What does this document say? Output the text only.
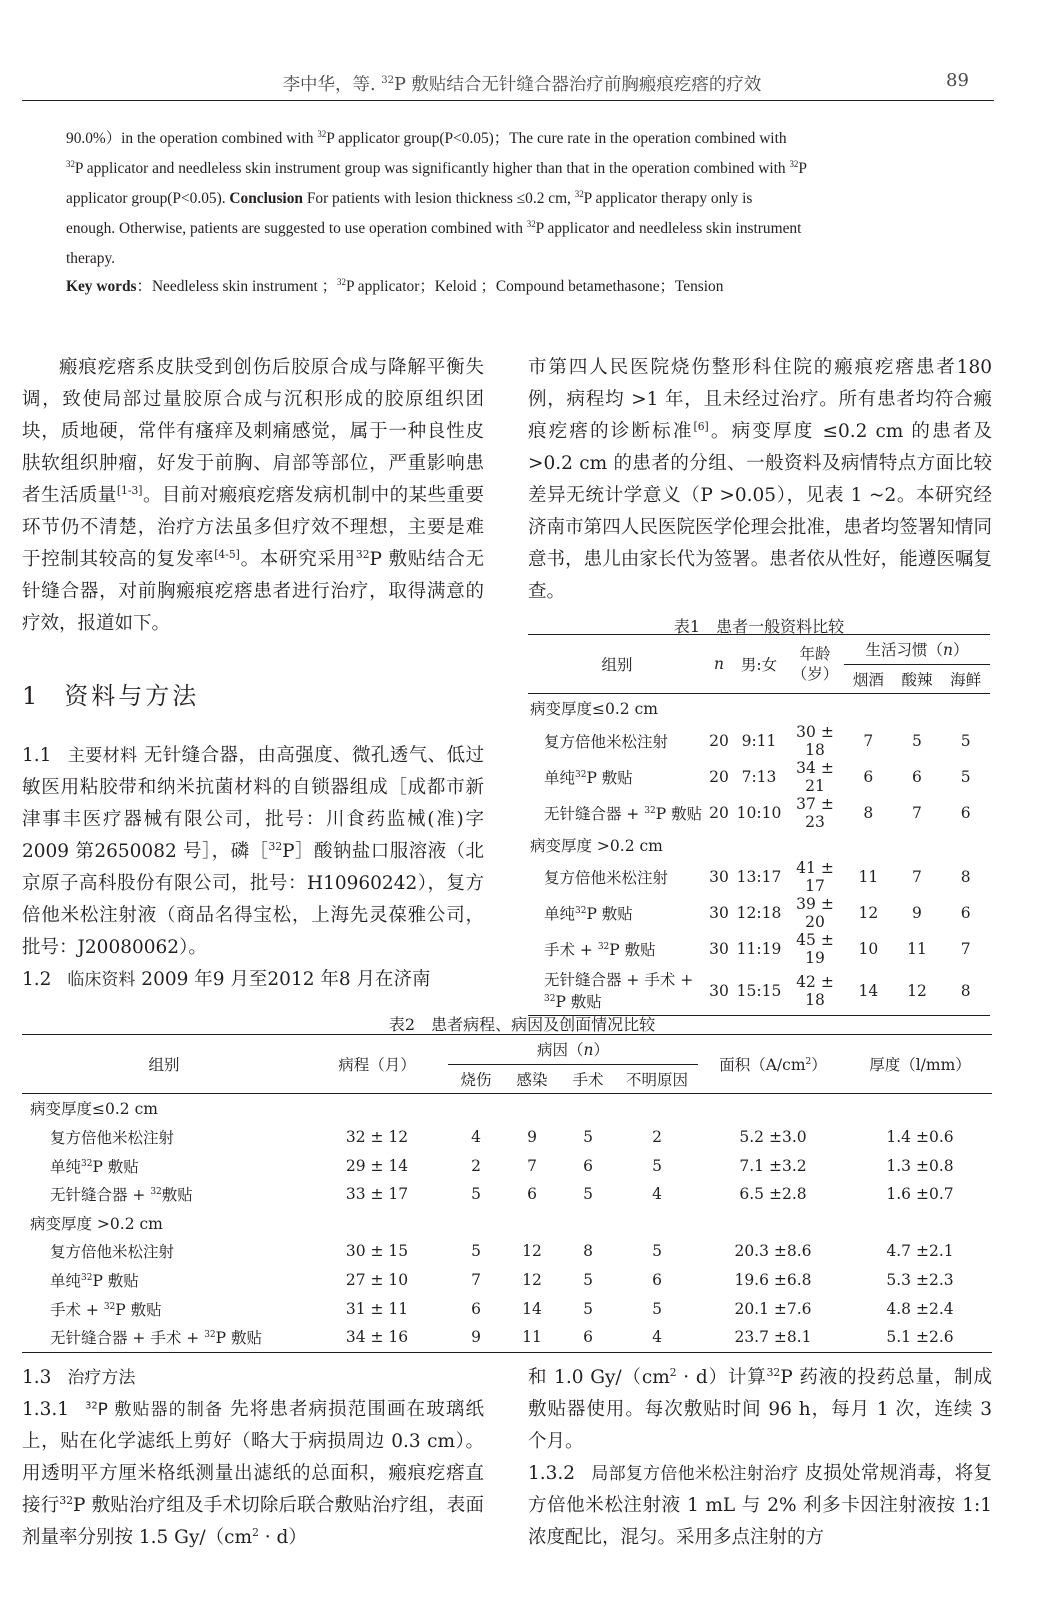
李中华，等. $^{32}$P 敷贴结合无针缝合器治疗前胸瘢痕疙瘩的疗效	89
90.0%）in the operation combined with $^{32}$P applicator group(P<0.05)；The cure rate in the operation combined with
$^{32}$P applicator and needleless skin instrument group was significantly higher than that in the operation combined with $^{32}$P
applicator group(P<0.05). Conclusion For patients with lesion thickness ≤0.2 cm, $^{32}$P applicator therapy only is
enough. Otherwise, patients are suggested to use operation combined with $^{32}$P applicator and needleless skin instrument
therapy.
Key words：Needleless skin instrument ；$^{32}$P applicator；Keloid ；Compound betamethasone；Tension

瘢痕疙瘩系皮肤受到创伤后胶原合成与降解平衡失调，致使局部过量胶原合成与沉积形成的胶原组织团块，质地硬，常伴有瘙痒及刺痛感觉，属于一种良性皮肤软组织肿瘤，好发于前胸、肩部等部位，严重影响患者生活质量[1-3]。目前对瘢痕疙瘩发病机制中的某些重要环节仍不清楚，治疗方法虽多但疗效不理想，主要是难于控制其较高的复发率[4-5]。本研究采用$^{32}$P 敷贴结合无针缝合器，对前胸瘢痕疙瘩患者进行治疗，取得满意的疗效，报道如下。

1 资料与方法

1.1 主要材料 无针缝合器，由高强度、微孔透气、低过敏医用粘胶带和纳米抗菌材料的自锁器组成［成都市新津事丰医疗器械有限公司，批号：川食药监械(准)字2009 第2650082 号］，磷［$^{32}$P］酸钠盐口服溶液（北京原子高科股份有限公司，批号：H10960242），复方倍他米松注射液（商品名得宝松，上海先灵葆雅公司，批号：J20080062）。

1.2 临床资料 2009 年9 月至2012 年8 月在济南

市第四人民医院烧伤整形科住院的瘢痕疙瘩患者180 例，病程均 >1 年，且未经过治疗。所有患者均符合瘢痕疙瘩的诊断标准[6]。病变厚度 ≤0.2 cm 的患者及 >0.2 cm 的患者的分组、一般资料及病情特点方面比较差异无统计学意义（P >0.05），见表 1 ~2。本研究经济南市第四人民医院医学伦理会批准，患者均签署知情同意书，患儿由家长代为签署。患者依从性好，能遵医嘱复查。

表1　患者一般资料比较
组别	n	男:女	年龄
（岁）	生活习惯（n）		
				烟酒	酸辣	海鲜
病变厚度≤0.2 cm						
复方倍他米松注射	20	9:11	30 ± 18	7	5	5
单纯$^{32}$P 敷贴	20	7:13	34 ± 21	6	6	5
无针缝合器 + $^{32}$P 敷贴	20	10:10	37 ± 23	8	7	6
病变厚度 >0.2 cm						
复方倍他米松注射	30	13:17	41 ± 17	11	7	8
单纯$^{32}$P 敷贴	30	12:18	39 ± 20	12	9	6
手术 + $^{32}$P 敷贴	30	11:19	45 ± 19	10	11	7
无针缝合器 + 手术 +
$^{32}$P 敷贴	30	15:15	42 ± 18	14	12	8
表2　患者病程、病因及创面情况比较
组别	病程（月）	病因（n）				面积$(A/cm^2)$	厚度（l/mm）
		烧伤	感染	手术	不明原因		
病变厚度≤0.2 cm							
复方倍他米松注射	32 ± 12	4	9	5	2	5.2 ±3.0	1.4 ±0.6
单纯$^{32}$P 敷贴	29 ± 14	2	7	6	5	7.1 ±3.2	1.3 ±0.8
无针缝合器 + $^{32}$敷贴	33 ± 17	5	6	5	4	6.5 ±2.8	1.6 ±0.7
病变厚度 >0.2 cm							
复方倍他米松注射	30 ± 15	5	12	8	5	20.3 ±8.6	4.7 ±2.1
单纯$^{32}$P 敷贴	27 ± 10	7	12	5	6	19.6 ±6.8	5.3 ±2.3
手术 + $^{32}$P 敷贴	31 ± 11	6	14	5	5	20.1 ±7.6	4.8 ±2.4
无针缝合器 + 手术 + $^{32}$P 敷贴	34 ± 16	9	11	6	4	23.7 ±8.1	5.1 ±2.6

1.3 治疗方法

1.3.1 $^{32}$P 敷贴器的制备 先将患者病损范围画在玻璃纸上，贴在化学滤纸上剪好（略大于病损周边 0.3 cm）。用透明平方厘米格纸测量出滤纸的总面积，瘢痕疙瘩直接行$^{32}$P 敷贴治疗组及手术切除后联合敷贴治疗组，表面剂量率分别按 1.5 $Gy/(cm^2 \cdot d)$

和 1.0 $Gy/(cm^2 \cdot d)$计算$^{32}$P 药液的投药总量，制成敷贴器使用。每次敷贴时间 96 h，每月 1 次，连续 3 个月。

1.3.2 局部复方倍他米松注射治疗 皮损处常规消毒，将复方倍他米松注射液 1 mL 与 2% 利多卡因注射液按 1:1 浓度配比，混匀。采用多点注射的方
